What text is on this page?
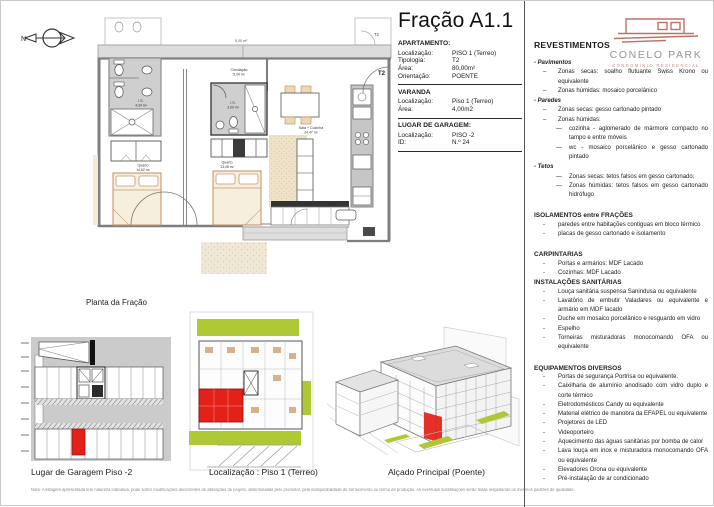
N
T2
5,00 m²
I.S.
4,34 m²
Quarto
14,62 m²
Circulação
5,04 m²
I.S.
3,00 m²
Quarto
13,08 m²
Sala + Cozinha
24,47 m²
T2
Fração A1.1
APARTAMENTO:
Localização:	PISO 1 (Terreo)
Tipologia:	T2
Área:	80,00m²
Orientação:	POENTE
VARANDA
Localização:	Piso 1 (Terreo)
Área:	4,00m2
LUGAR DE GARAGEM:
Localização:	PISO -2
ID:	N.º 24
CONELO PARK
CONDOMÍNIO RESIDENCIAL
REVESTIMENTOS
- Pavimentos
–	Zonas secas: soalho flutuante Swiss Krono ou equivalente
–	Zonas húmidas: mosaico porcelânico
- Paredes
–	Zonas secas: gesso cartonado pintado
–	Zonas húmidas:
—	cozinha - aglomerado de mármore compacto no tampo e entre móveis
—	wc - mosaico porcelânico e gesso cartonado pintado
- Tetos
—	Zonas secas: tetos falsos em gesso cartonado;
—	Zonas húmidas: tetos falsos em gesso cartonado hidrófugo
ISOLAMENTOS entre FRAÇÕES
-	paredes entre habitações contiguas em bloco térmico
-	placas de gesso cartonado e isolamento
CARPINTARIAS
-	Portas e armários: MDF Lacado
-	Cozinhas: MDF Lacado
INSTALAÇÕES SANITÁRIAS
-	Louça sanitária suspensa Sanindusa ou equivalente
-	Lavatório de embutir Valadares ou equivalente e armário em MDF lacado
-	Duche em mosaico porcelânico e resguardo em vidro
-	Espelho
-	Torneiras misturadoras monocomando OFA ou equivalente
EQUIPAMENTOS DIVERSOS
-	Portas de segurança Portrisa ou equivalente.
-	Caixilharia de alumínio anodisado com vidro duplo e corte térmico
-	Eletrodomésticos Candy ou equivalente
-	Material elétrico de manobra da EFAPEL ou equivalente
-	Projetores de LED
-	Videoporteiro
-	Aquecimento das águas sanitárias por bomba de calor
-	Lava louça em inox e misturadora monocomando OFA ou equivalente
-	Elevadores Orona ou equivalente
-	Pré-instalação de ar condicionado
Planta da Fração
Lugar de Garagem Piso -2	Localização : Piso 1 (Terreo)	Alçado Principal (Poente)
Nota: A listagem apresentada tem natureza indicativa, pode sofrer modificações decorrentes de alterações de projeto, determinadas pelo promotor, pela indisponibilidade de fornecimento ou termo de produção. As eventuais substituições serão feitas respeitando os mesmos padrões de qualidade.
